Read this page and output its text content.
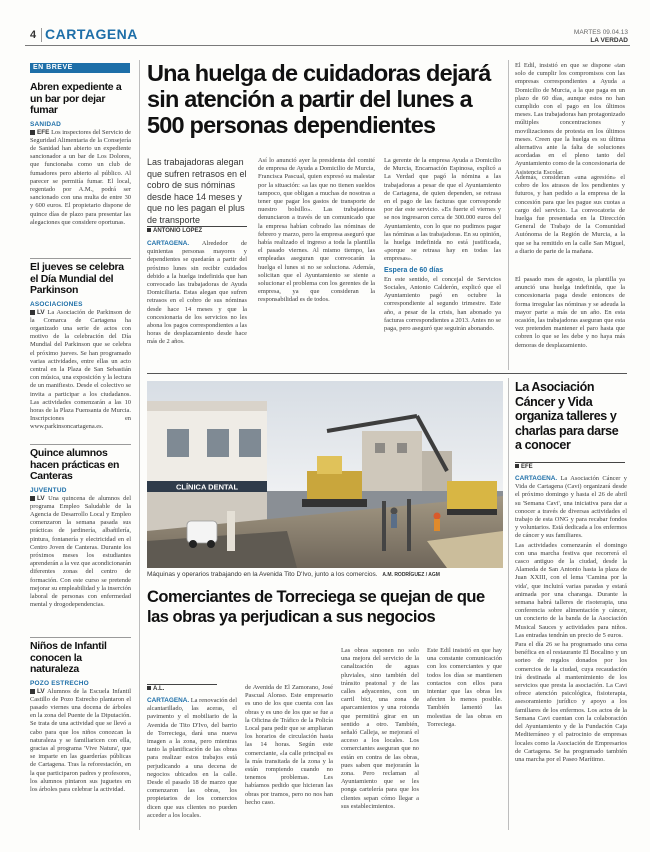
4 CARTAGENA	MARTES 09.04.13
LA VERDAD
EN BREVE
Abren expediente a un bar por dejar fumar
SANIDAD
EFE Los inspectores del Servicio de Seguridad Alimentaria de la Consejería de Sanidad han abierto un expediente sancionador a un bar de Los Dolores, que funcionaba como un club de fumadores pero abierto al público. Al parecer se permitía fumar. El local, regentado por A.M., podrá ser sancionado con una multa de entre 30 y 600 euros. El propietario dispone de quince días de plazo para presentar las alegaciones que considere oportunas.
El jueves se celebra el Día Mundial del Parkinson
ASOCIACIONES
LV La Asociación de Parkinson de la Comarca de Cartagena ha organizado una serie de actos con motivo de la celebración del Día Mundial del Parkinson que se celebra el próximo jueves. Se han programado varias actividades, entre ellas un acto central en la Plaza de San Sebastián con música, una exposición y la lectura de un manifiesto. Desde el colectivo se invita a participar a los ciudadanos. Las actividades comenzarán a las 10 horas de la Plaza Fuensanta de Murcia. Inscripciones en www.parkinsoncartagena.es.
Quince alumnos hacen prácticas en Canteras
JUVENTUD
LV Una quincena de alumnos del programa Empleo Saludable de la Agencia de Desarrollo Local y Empleo comenzaron la semana pasada sus prácticas de jardinería, albañilería, pintura, fontanería y electricidad en el Centro Joven de Canteras. Durante los próximos meses los estudiantes aprenderán a la vez que acondicionarán diferentes zonas del centro de formación. Con este curso se pretende mejorar su empleabilidad y la inserción laboral de personas con enfermedad mental y drogodependencias.
Niños de Infantil conocen la naturaleza
POZO ESTRECHO
LV Alumnos de la Escuela Infantil Castillo de Pozo Estrecho plantaron el pasado viernes una docena de árboles en la zona del Puente de la Diputación. Se trata de una actividad que se llevó a cabo para que los niños conozcan la naturaleza y se familiaricen con ella, gracias al programa 'Vive Natura', que se imparte en las guarderías públicas de Cartagena. Tras la reforestación, en la que participaron padres y profesores, los alumnos pintaron sus juguetes en los árboles para celebrar la actividad.
Una huelga de cuidadoras dejará sin atención a partir del lunes a 500 personas dependientes
Las trabajadoras alegan que sufren retrasos en el cobro de sus nóminas desde hace 14 meses y que no les pagan el plus de transporte
ANTONIO LÓPEZ
CARTAGENA. Alrededor de quinientas personas mayores y dependientes se quedarán a partir del próximo lunes sin recibir cuidados debido a la huelga indefinida que han convocado las trabajadoras de Ayuda Domiciliaria. Estas alegan que sufren retrasos en el cobro de sus nóminas desde hace 14 meses y que la concesionaria de los servicios no les abona los pagos correspondientes a las horas de desplazamiento desde hace más de 2 años.
Así lo anunció ayer la presidenta del comité de empresa de Ayuda a Domicilio de Murcia, Francisca Pascual, quien expresó su malestar por la situación: «a las que no tienen sueldos tampoco, que obligan a muchas de nosotras a tener que pagar los gastos de transporte de nuestro bolsillo». Las trabajadoras denunciaron a través de un comunicado que la empresa habían cobrado las nóminas de febrero y marzo, pero la empresa aseguró que había realizado el ingreso a toda la plantilla el pasado viernes. Al mismo tiempo, las empleadas aseguran que convocarán la huelga el lunes si no se soluciona. Además, solicitan que el Ayuntamiento se siente a solucionar el problema con los gerentes de la empresa, ya que consideran la responsabilidad es de todos.
La gerente de la empresa Ayuda a Domicilio de Murcia, Encarnación Espinosa, explicó a La Verdad que pagó la nómina a las trabajadoras a pesar de que el Ayuntamiento de Cartagena, de quien dependen, se retrasa en el pago de las facturas que corresponde por dar este servicio. «Es fuerte el viernes y se nos ingresaron cerca de 300.000 euros del Ayuntamiento, con lo que no pudimos pagar las nóminas a las trabajadoras. En su opinión, la huelga indefinida no está justificada, «porque se retrasa hay en todas las empresas».
Espera de 60 días
En este sentido, el concejal de Servicios Sociales, Antonio Calderón, explicó que el Ayuntamiento pagó en octubre la correspondiente al segundo trimestre. Este año, a pesar de la crisis, han abonado ya facturas correspondientes a 2013. Antes no se paga, pero aseguró que seguirán abonando.
El Edil, insistió en que se dispone «tan solo de cumplir los compromisos con las empresas correspondientes a Ayuda a Domicilio de Murcia, a la que paga en un plazo de 60 días, aunque estos no han cumplido con el pago en los últimos meses. Las trabajadoras han protagonizado múltiples concentraciones y movilizaciones de protesta en los últimos meses. Creen que la huelga es su última alternativa ante la falta de soluciones acordadas en el pleno tanto del Ayuntamiento como de la concesionaria de Asistencia Escolar.
Además, consideran «una agresión» el cobro de los atrasos de los pendientes y futuros, y han pedido a la empresa de la concesión para que les pague sus cuotas a cargo del servicio. La convocatoria de huelga fue presentada en la Dirección General de Trabajo de la Comunidad Autónoma de la Región de Murcia, a la que se ha remitido en la calle San Miguel, a diario de parte de la mañana.
El pasado mes de agosto, la plantilla ya anunció una huelga indefinida, que la concesionaria paga desde entonces de forma irregular las nóminas y se adeuda la mayor parte a más de un año. En esta ocasión, las trabajadoras aseguran que esta vez pretenden mantener el paro hasta que cobren lo que se les debe y no haya más demoras de desplazamiento.
CLÍNICA DENTAL
Máquinas y operarios trabajando en la Avenida Tito D'Ivo, junto a los comercios. A.M. RODRÍGUEZ / AGM
Comerciantes de Torreciega se quejan de que las obras ya perjudican a sus negocios
A.L.
CARTAGENA. La renovación del alcantarillado, las aceras, el pavimento y el mobiliario de la Avenida de Tito D'Ivo, del barrio de Torreciega, dará una nueva imagen a la zona, pero mientras tanto la planificación de las obras para realizar estos trabajos está perjudicando a una decena de negocios ubicados en la calle. Desde el pasado 18 de marzo que comenzaron las obras, los propietarios de los comercios dicen que sus clientes no pueden acceder a los locales.
de Avenida de El Zamorano, José Pascual Alonso. Este empresario es uno de los que cuenta con las obras y es uno de los que se fue a la Oficina de Tráfico de la Policía Local para pedir que se ampliaran los horarios de circulación hasta las 14 horas. Según este comerciante, «la calle principal es la más transitada de la zona y la están rompiendo cuando no tenemos problemas. Les habíamos pedido que hicieran las obras por tramos, pero no nos han hecho caso.
Las obras suponen no solo una mejora del servicio de la canalización de aguas pluviales, sino también del tránsito peatonal y de las calles adyacentes, con un carril bici, una zona de aparcamientos y una rotonda que permitirá girar en un sentido a otro. También, señaló Calleja, se mejorará el acceso a los locales. Los comerciantes aseguran que no están en contra de las obras, pues saben que mejorarán la zona. Pero reclaman al Ayuntamiento que se les ponga cartelería para que los clientes sepan cómo llegar a sus establecimientos.
Este Edil insistió en que hay una constante comunicación con los comerciantes y que todos los días se mantienen contactos con ellos para intentar que las obras les afecten lo menos posible. También lamentó las molestias de las obras en Torreciega.
La Asociación Cáncer y Vida organiza talleres y charlas para darse a conocer
EFE
CARTAGENA. La Asociación Cáncer y Vida de Cartagena (Cavi) organizará desde el próximo domingo y hasta el 26 de abril su 'Semana Cavi', una iniciativa para dar a conocer a través de diversas actividades el trabajo de esta ONG y para recabar fondos y voluntarios. Está dedicada a los enfermos de cáncer y sus familiares.
Las actividades comenzarán el domingo con una marcha festiva que recorrerá el casco antiguo de la ciudad, desde la Alameda de San Antonio hasta la plaza de Juan XXIII, con el lema 'Camina por la vida', que incluirá varias paradas y estará animada por una charanga. Durante la semana habrá talleres de risoterapia, una conferencia sobre alimentación y cáncer, un concierto de la banda de la Asociación Musical Sauces y actividades para niños. Las entradas tendrán un precio de 5 euros.
Para el día 26 se ha programado una cena benéfica en el restaurante El Bocalino y un sorteo de regalos donados por los comercios de la ciudad, cuya recaudación irá destinada al mantenimiento de los servicios que presta la asociación. La Cavi ofrece atención psicológica, fisioterapia, asesoramiento jurídico y apoyo a los familiares de los enfermos. Los actos de la Semana Cavi cuentan con la colaboración del Ayuntamiento y de la Fundación Caja Mediterráneo y el patrocinio de empresas locales como la Asociación de Empresarios de Cartagena. Se ha programado también una marcha por el Paseo Marítimo.
